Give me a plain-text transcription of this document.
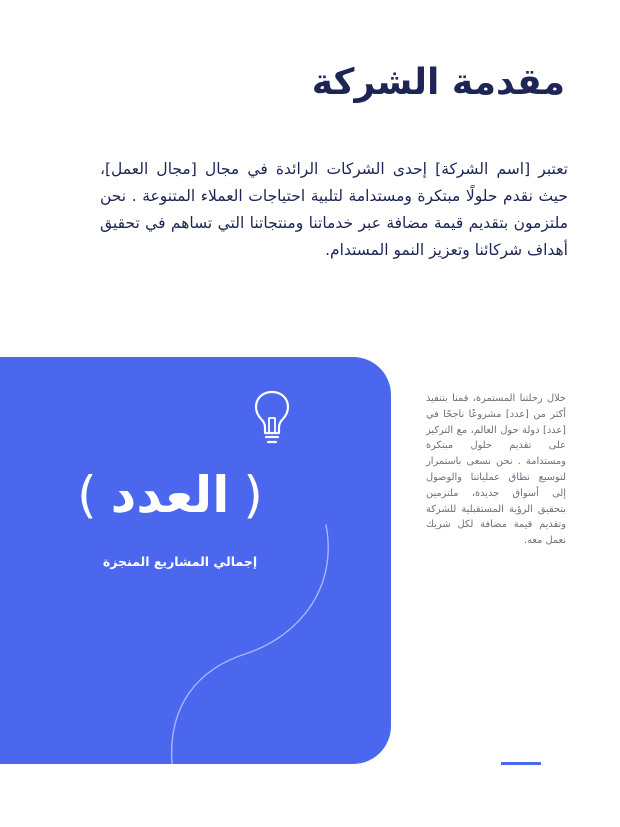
مقدمة الشركة

تعتبر [اسم الشركة] إحدى الشركات الرائدة في مجال [مجال العمل]، حيث نقدم حلولًا مبتكرة ومستدامة لتلبية احتياجات العملاء المتنوعة . نحن ملتزمون بتقديم قيمة مضافة عبر خدماتنا ومنتجاتنا التي تساهم في تحقيق أهداف شركائنا وتعزيز النمو المستدام.

(
العدد
)
إجمالي المشاريع المنجزة

خلال رحلتنا المستمرة، قمنا بتنفيذ أكثر من [عدد] مشروعًا ناجحًا في [عدد] دولة حول العالم، مع التركيز على تقديم حلول مبتكرة ومستدامة . نحن نسعى باستمرار لتوسيع نطاق عملياتنا والوصول إلى أسواق جديدة، ملتزمين بتحقيق الرؤية المستقبلية للشركة وتقديم قيمة مضافة لكل شريك نعمل معه.
